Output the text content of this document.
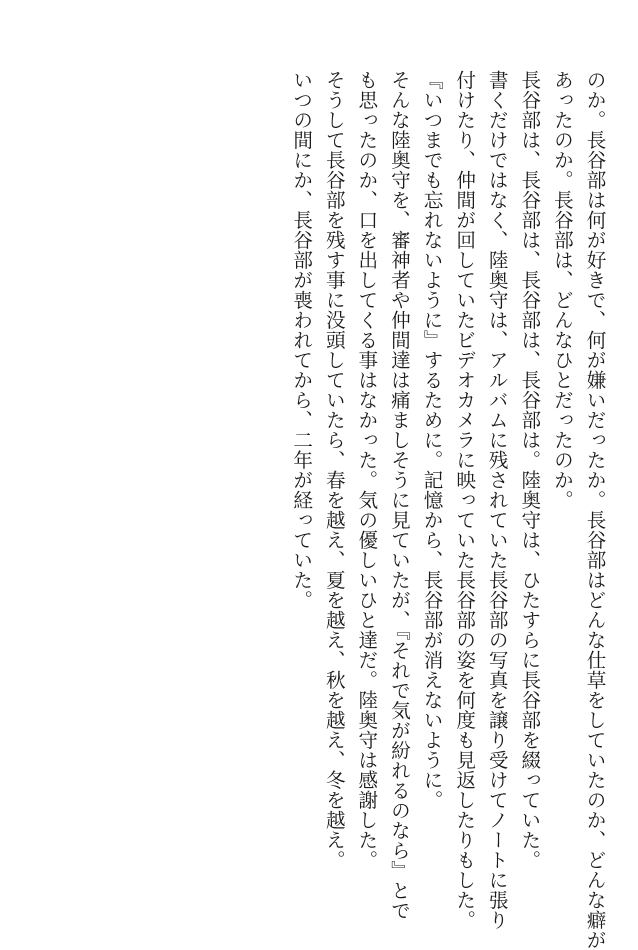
のか。長谷部は何が好きで、何が嫌いだったか。長谷部はどんな仕草をしていたのか、どんな癖が
あったのか。長谷部は、どんなひとだったのか。
長谷部は、長谷部は、長谷部は、長谷部は。陸奥守は、ひたすらに長谷部を綴っていた。
書くだけではなく、陸奥守は、アルバムに残されていた長谷部の写真を譲り受けてノートに張り
付けたり、仲間が回していたビデオカメラに映っていた長谷部の姿を何度も見返したりもした。
『いつまでも忘れないように』するために。記憶から、長谷部が消えないように。
そんな陸奥守を、審神者や仲間達は痛ましそうに見ていたが、『それで気が紛れるのなら』とで
も思ったのか、口を出してくる事はなかった。気の優しいひと達だ。陸奥守は感謝した。
そうして長谷部を残す事に没頭していたら、春を越え、夏を越え、秋を越え、冬を越え。
いつの間にか、長谷部が喪われてから、二年が経っていた。
